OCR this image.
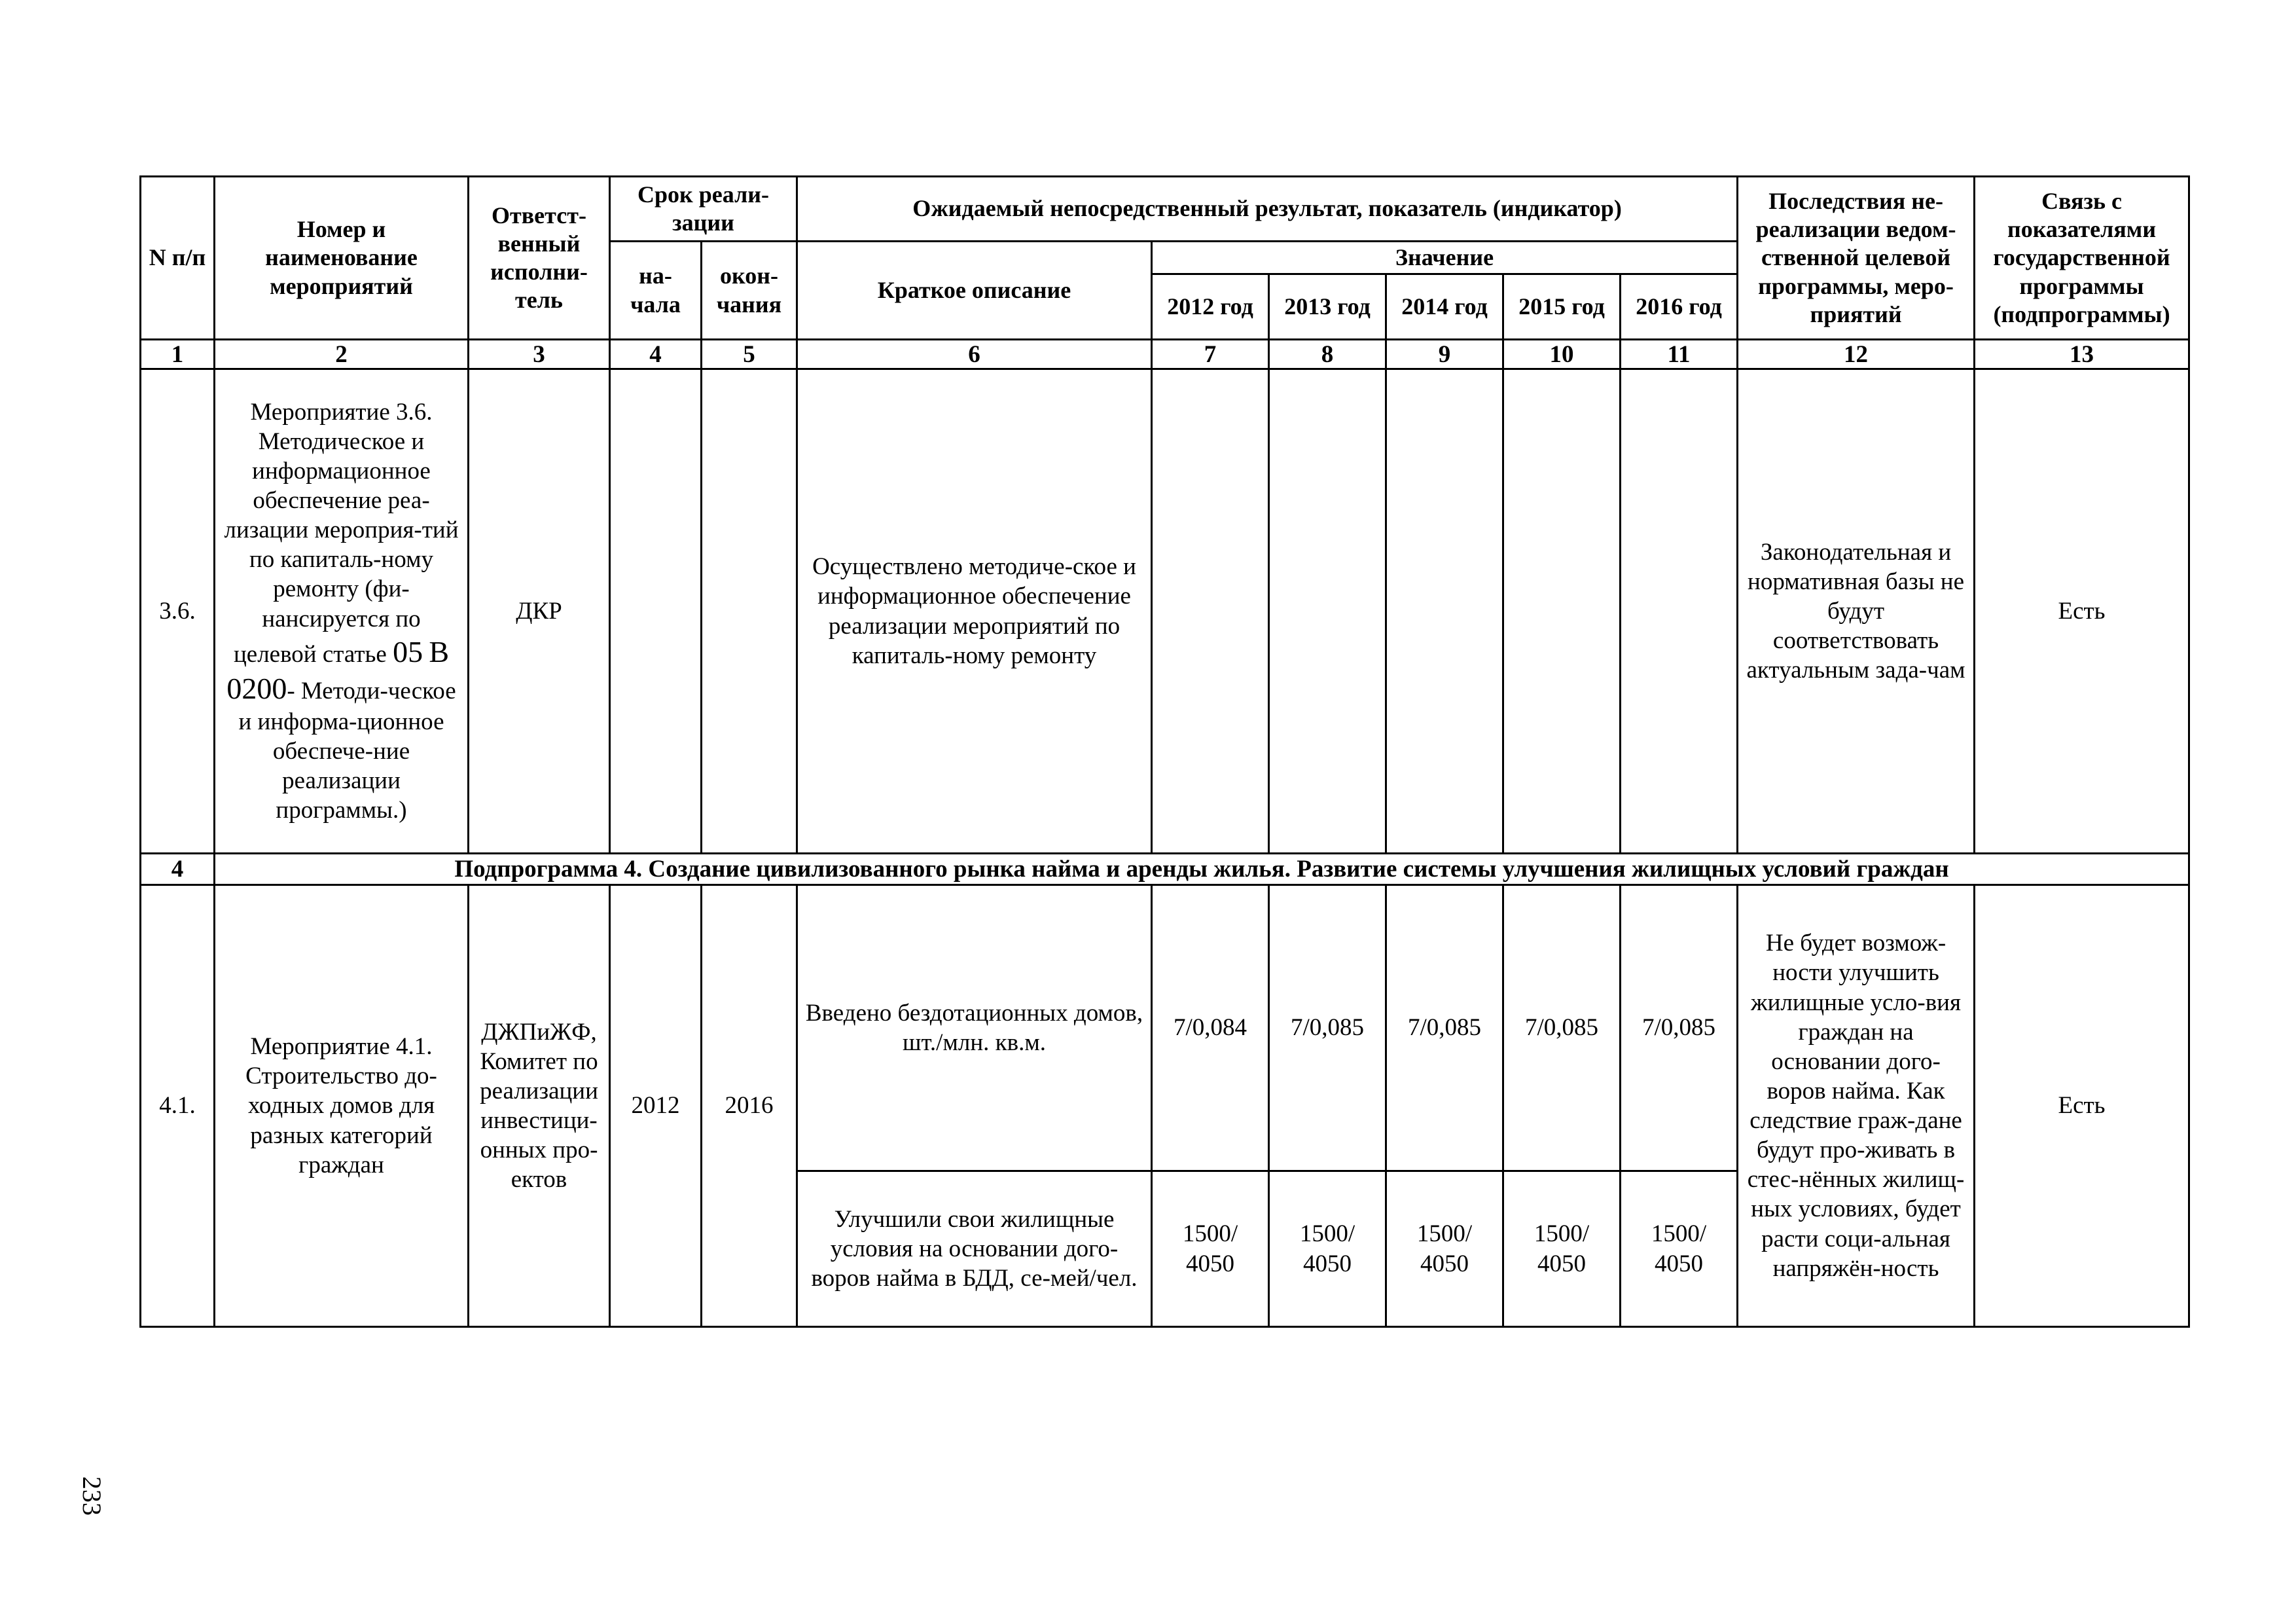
N п/п	Номер и наименование мероприятий	Ответст-венный исполни-тель	Срок реали-зации		Ожидаемый непосредственный результат, показатель (индикатор)						Последствия не-реализации ведом-ственной целевой программы, меро-приятий	Связь с показателями государственной программы (подпрограммы)
			на-чала	окон-чания	Краткое описание	Значение						
						2012 год	2013 год	2014 год	2015 год	2016 год		
1	2	3	4	5	6	7	8	9	10	11	12	13
3.6.	Мероприятие 3.6. Методическое и информационное обеспечение реа-лизации мероприя-тий по капиталь-ному ремонту (фи-нансируется по целевой статье 05 В 0200- Методи-ческое и информа-ционное обеспече-ние реализации программы.)	ДКР			Осуществлено методиче-ское и информационное обеспечение реализации мероприятий по капиталь-ному ремонту						Законодательная и нормативная базы не будут соответствовать актуальным зада-чам	Есть
4	Подпрограмма 4. Создание цивилизованного рынка найма и аренды жилья. Развитие системы улучшения жилищных условий граждан											
4.1.	Мероприятие 4.1. Строительство до-ходных домов для разных категорий граждан	ДЖПиЖФ, Комитет по реализации инвестици-онных про-ектов	2012	2016	Введено бездотационных домов, шт./млн. кв.м.	7/0,084	7/0,085	7/0,085	7/0,085	7/0,085	Не будет возмож-ности улучшить жилищные усло-вия граждан на основании дого-воров найма. Как следствие граж-дане будут про-живать в стес-нённых жилищ-ных условиях, будет расти соци-альная напряжён-ность	Есть
					Улучшили свои жилищные условия на основании дого-воров найма в БДД, се-мей/чел.	1500/ 4050	1500/ 4050	1500/ 4050	1500/ 4050	1500/ 4050		
233
